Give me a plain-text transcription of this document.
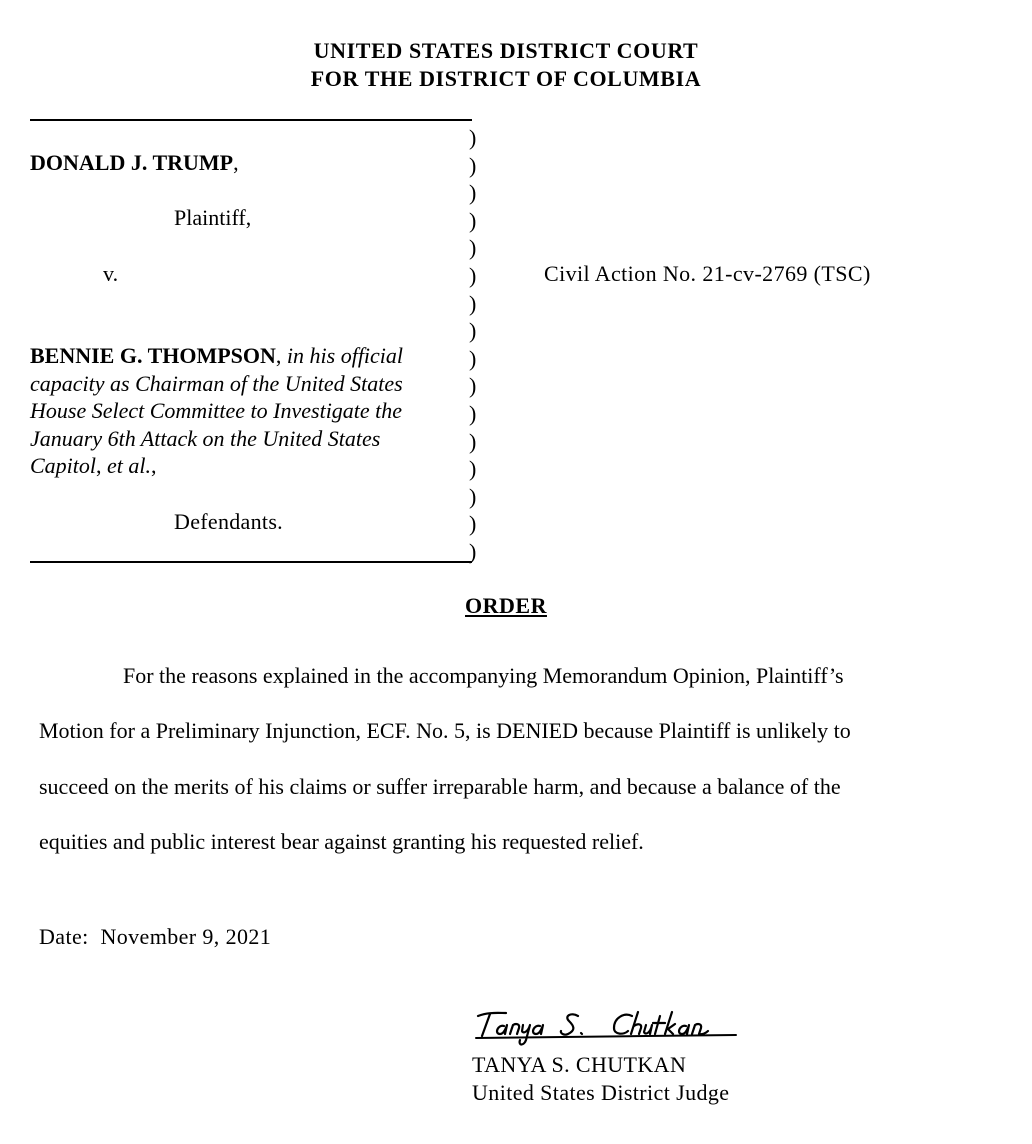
UNITED STATES DISTRICT COURT
FOR THE DISTRICT OF COLUMBIA
)
)
)
)
)
)
)
)
)
)
)
)
)
)
)
)
DONALD J. TRUMP,
Plaintiff,
v.	Civil Action No. 21-cv-2769 (TSC)
BENNIE G. THOMPSON, in his official
capacity as Chairman of the United States
House Select Committee to Investigate the
January 6th Attack on the United States
Capitol, et al.,
Defendants.
ORDER
For the reasons explained in the accompanying Memorandum Opinion, Plaintiff’s
Motion for a Preliminary Injunction, ECF. No. 5, is DENIED because Plaintiff is unlikely to
succeed on the merits of his claims or suffer irreparable harm, and because a balance of the
equities and public interest bear against granting his requested relief.
Date:  November 9, 2021
TANYA S. CHUTKAN
United States District Judge
